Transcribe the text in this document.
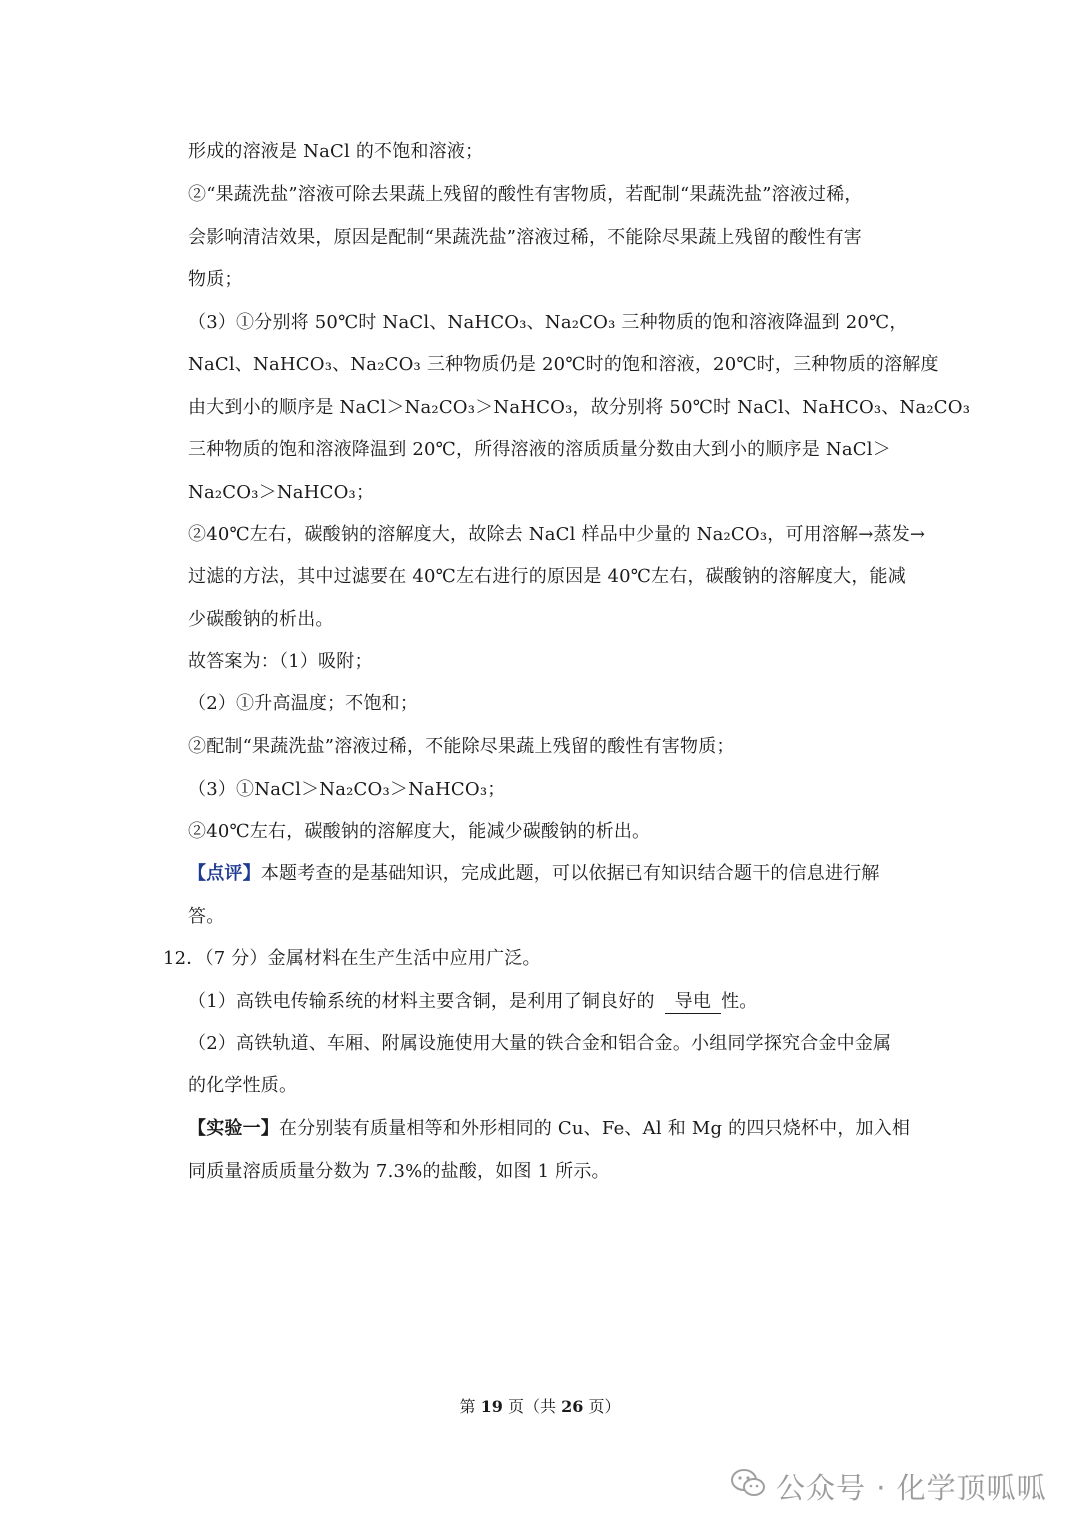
形成的溶液是 NaCl 的不饱和溶液；
②“果蔬洗盐”溶液可除去果蔬上残留的酸性有害物质，若配制“果蔬洗盐”溶液过稀，
会影响清洁效果，原因是配制“果蔬洗盐”溶液过稀，不能除尽果蔬上残留的酸性有害
物质；
（3）①分别将 50℃时 NaCl、NaHCO₃、Na₂CO₃ 三种物质的饱和溶液降温到 20℃，
NaCl、NaHCO₃、Na₂CO₃ 三种物质仍是 20℃时的饱和溶液，20℃时，三种物质的溶解度
由大到小的顺序是 NaCl＞Na₂CO₃＞NaHCO₃，故分别将 50℃时 NaCl、NaHCO₃、Na₂CO₃
三种物质的饱和溶液降温到 20℃，所得溶液的溶质质量分数由大到小的顺序是 NaCl＞
Na₂CO₃＞NaHCO₃；
②40℃左右，碳酸钠的溶解度大，故除去 NaCl 样品中少量的 Na₂CO₃，可用溶解→蒸发→
过滤的方法，其中过滤要在 40℃左右进行的原因是 40℃左右，碳酸钠的溶解度大，能减
少碳酸钠的析出。
故答案为：（1）吸附；
（2）①升高温度；不饱和；
②配制“果蔬洗盐”溶液过稀，不能除尽果蔬上残留的酸性有害物质；
（3）①NaCl＞Na₂CO₃＞NaHCO₃；
②40℃左右，碳酸钠的溶解度大，能减少碳酸钠的析出。
【点评】本题考查的是基础知识，完成此题，可以依据已有知识结合题干的信息进行解
答。
12．（7 分）金属材料在生产生活中应用广泛。
（1）高铁电传输系统的材料主要含铜，是利用了铜良好的 导电 性。
（2）高铁轨道、车厢、附属设施使用大量的铁合金和铝合金。小组同学探究合金中金属
的化学性质。
【实验一】在分别装有质量相等和外形相同的 Cu、Fe、Al 和 Mg 的四只烧杯中，加入相
同质量溶质质量分数为 7.3%的盐酸，如图 1 所示。
第 19 页（共 26 页）
公众号 · 化学顶呱呱
